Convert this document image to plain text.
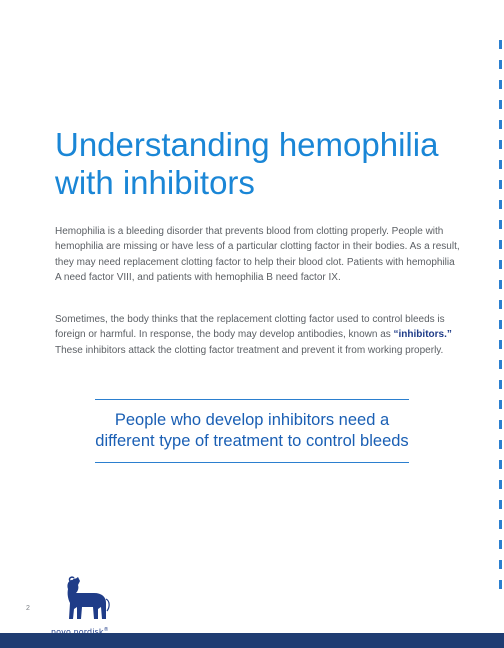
Understanding hemophilia with inhibitors

Hemophilia is a bleeding disorder that prevents blood from clotting properly. People with hemophilia are missing or have less of a particular clotting factor in their bodies. As a result, they may need replacement clotting factor to help their blood clot. Patients with hemophilia A need factor VIII, and patients with hemophilia B need factor IX.

Sometimes, the body thinks that the replacement clotting factor used to control bleeds is foreign or harmful. In response, the body may develop antibodies, known as “inhibitors.” These inhibitors attack the clotting factor treatment and prevent it from working properly.

People who develop inhibitors need a different type of treatment to control bleeds
2
®
